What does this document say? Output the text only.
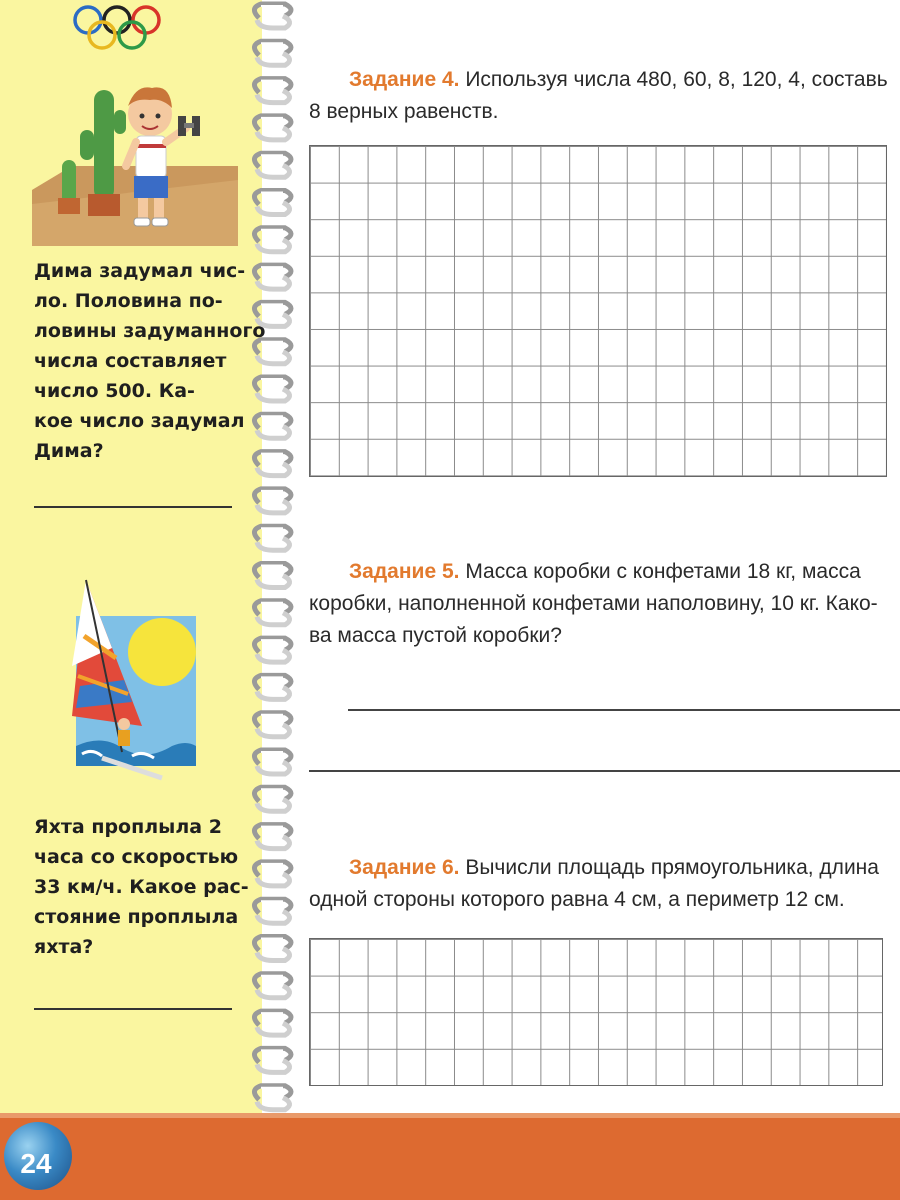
Дима задумал чис-
ло. Половина по-
ловины задуманного
числа составляет
число 500. Ка-
кое число задумал
Дима?
Яхта проплыла 2
часа со скоростью
33 км/ч. Какое рас-
стояние проплыла
яхта?
Задание 4. Используя числа 480, 60, 8, 120, 4, составь
8 верных равенств.
Задание 5. Масса коробки с конфетами 18 кг, масса
коробки, наполненной конфетами наполовину, 10 кг. Како-
ва масса пустой коробки?
Задание 6. Вычисли площадь прямоугольника, длина
одной стороны которого равна 4 см, а периметр 12 см.
24
